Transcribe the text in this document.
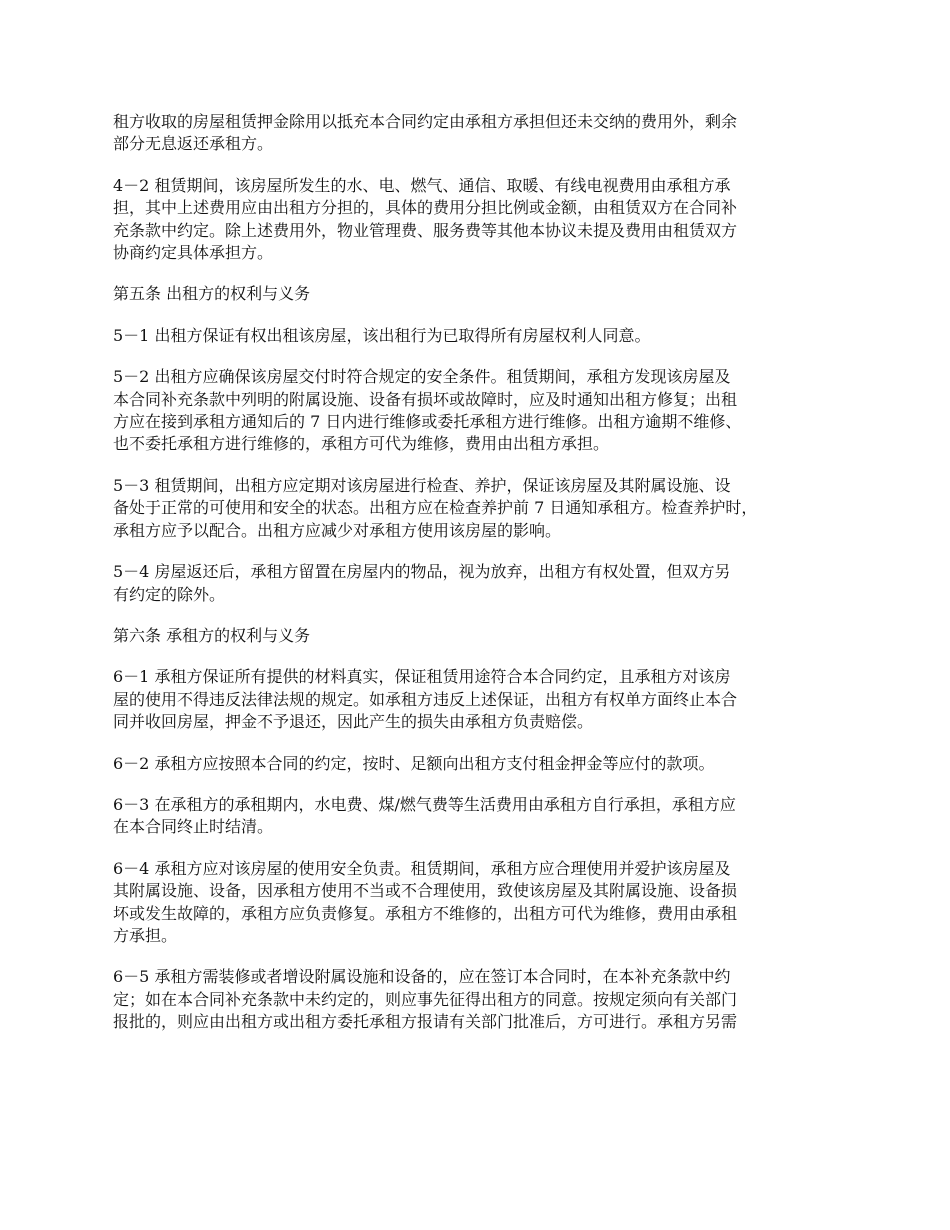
租方收取的房屋租赁押金除用以抵充本合同约定由承租方承担但还未交纳的费用外，剩余
部分无息返还承租方。

4－2 租赁期间，该房屋所发生的水、电、燃气、通信、取暖、有线电视费用由承租方承
担，其中上述费用应由出租方分担的，具体的费用分担比例或金额，由租赁双方在合同补
充条款中约定。除上述费用外，物业管理费、服务费等其他本协议未提及费用由租赁双方
协商约定具体承担方。

第五条 出租方的权利与义务

5－1 出租方保证有权出租该房屋，该出租行为已取得所有房屋权利人同意。

5－2 出租方应确保该房屋交付时符合规定的安全条件。租赁期间，承租方发现该房屋及
本合同补充条款中列明的附属设施、设备有损坏或故障时，应及时通知出租方修复；出租
方应在接到承租方通知后的 7 日内进行维修或委托承租方进行维修。出租方逾期不维修、
也不委托承租方进行维修的，承租方可代为维修，费用由出租方承担。

5－3 租赁期间，出租方应定期对该房屋进行检查、养护，保证该房屋及其附属设施、设
备处于正常的可使用和安全的状态。出租方应在检查养护前 7 日通知承租方。检查养护时，
承租方应予以配合。出租方应减少对承租方使用该房屋的影响。

5－4 房屋返还后，承租方留置在房屋内的物品，视为放弃，出租方有权处置，但双方另
有约定的除外。

第六条 承租方的权利与义务

6－1 承租方保证所有提供的材料真实，保证租赁用途符合本合同约定，且承租方对该房
屋的使用不得违反法律法规的规定。如承租方违反上述保证，出租方有权单方面终止本合
同并收回房屋，押金不予退还，因此产生的损失由承租方负责赔偿。

6－2 承租方应按照本合同的约定，按时、足额向出租方支付租金押金等应付的款项。

6－3 在承租方的承租期内，水电费、煤/燃气费等生活费用由承租方自行承担，承租方应
在本合同终止时结清。

6－4 承租方应对该房屋的使用安全负责。租赁期间，承租方应合理使用并爱护该房屋及
其附属设施、设备，因承租方使用不当或不合理使用，致使该房屋及其附属设施、设备损
坏或发生故障的，承租方应负责修复。承租方不维修的，出租方可代为维修，费用由承租
方承担。

6－5 承租方需装修或者增设附属设施和设备的，应在签订本合同时，在本补充条款中约
定；如在本合同补充条款中未约定的，则应事先征得出租方的同意。按规定须向有关部门
报批的，则应由出租方或出租方委托承租方报请有关部门批准后，方可进行。承租方另需
